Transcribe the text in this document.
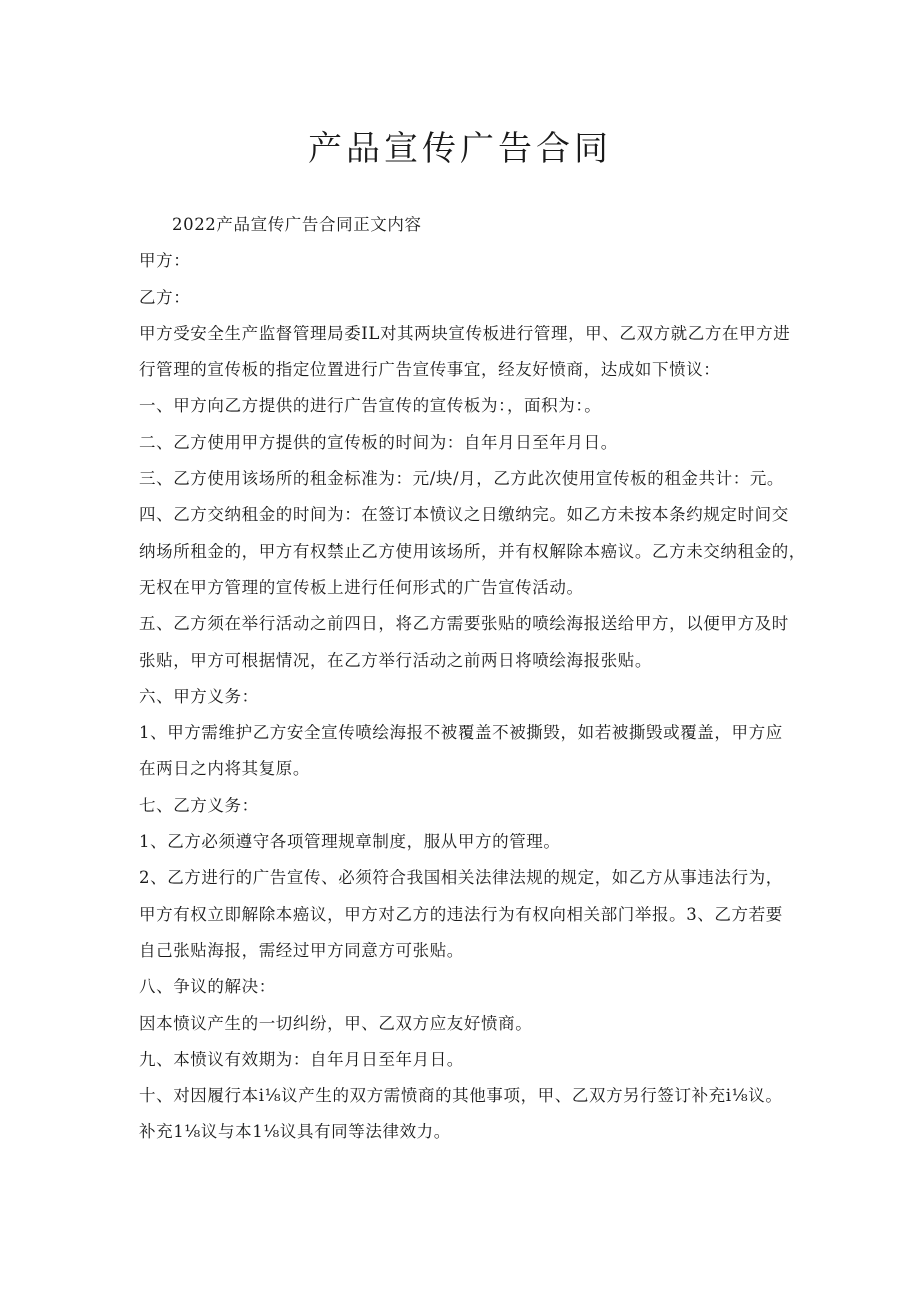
产品宣传广告合同
2022产品宣传广告合同正文内容
甲方：
乙方：
甲方受安全生产监督管理局委IL对其两块宣传板进行管理，甲、乙双方就乙方在甲方进
行管理的宣传板的指定位置进行广告宣传事宜，经友好愤商，达成如下愤议：
一、甲方向乙方提供的进行广告宣传的宣传板为：，面积为：。
二、乙方使用甲方提供的宣传板的时间为：自年月日至年月日。
三、乙方使用该场所的租金标准为：元/块/月，乙方此次使用宣传板的租金共计：元。
四、乙方交纳租金的时间为：在签订本愤议之日缴纳完。如乙方未按本条约规定时间交
纳场所租金的，甲方有权禁止乙方使用该场所，并有权解除本癌议。乙方未交纳租金的，
无权在甲方管理的宣传板上进行任何形式的广告宣传活动。
五、乙方须在举行活动之前四日，将乙方需要张贴的喷绘海报送给甲方，以便甲方及时
张贴，甲方可根据情况，在乙方举行活动之前两日将喷绘海报张贴。
六、甲方义务：
1、甲方需维护乙方安全宣传喷绘海报不被覆盖不被撕毁，如若被撕毁或覆盖，甲方应
在两日之内将其复原。
七、乙方义务：
1、乙方必须遵守各项管理规章制度，服从甲方的管理。
2、乙方进行的广告宣传、必须符合我国相关法律法规的规定，如乙方从事违法行为，
甲方有权立即解除本癌议，甲方对乙方的违法行为有权向相关部门举报。3、乙方若要
自己张贴海报，需经过甲方同意方可张贴。
八、争议的解决：
因本愤议产生的一切纠纷，甲、乙双方应友好愤商。
九、本愤议有效期为：自年月日至年月日。
十、对因履行本i⅛议产生的双方需愤商的其他事项，甲、乙双方另行签订补充i⅛议。
补充1⅛议与本1⅛议具有同等法律效力。
